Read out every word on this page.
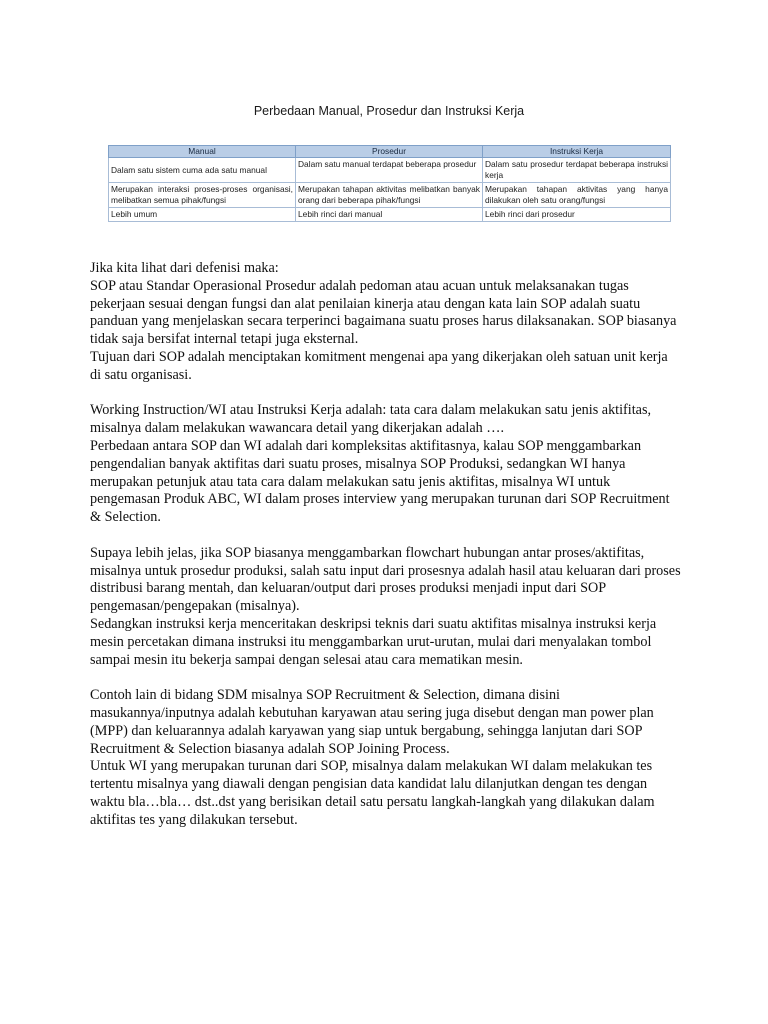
Perbedaan Manual, Prosedur dan Instruksi Kerja
Manual	Prosedur	Instruksi Kerja
Dalam satu sistem cuma ada satu manual	Dalam satu manual terdapat beberapa prosedur	Dalam satu prosedur terdapat beberapa instruksi kerja
Merupakan interaksi proses-proses organisasi, melibatkan semua pihak/fungsi	Merupakan tahapan aktivitas melibatkan banyak orang dari beberapa pihak/fungsi	Merupakan tahapan aktivitas yang hanya dilakukan oleh satu orang/fungsi
Lebih umum	Lebih rinci dari manual	Lebih rinci dari prosedur

Jika kita lihat dari defenisi maka:

SOP atau Standar Operasional Prosedur adalah pedoman atau acuan untuk melaksanakan tugas pekerjaan sesuai dengan fungsi dan alat penilaian kinerja atau dengan kata lain SOP adalah suatu panduan yang menjelaskan secara terperinci bagaimana suatu proses harus dilaksanakan. SOP biasanya tidak saja bersifat internal tetapi juga eksternal.

Tujuan dari SOP adalah menciptakan komitment mengenai apa yang dikerjakan oleh satuan unit kerja di satu organisasi.

Working Instruction/WI atau Instruksi Kerja adalah: tata cara dalam melakukan satu jenis aktifitas, misalnya dalam melakukan wawancara detail yang dikerjakan adalah ….

Perbedaan antara SOP dan WI adalah dari kompleksitas aktifitasnya, kalau SOP menggambarkan pengendalian banyak aktifitas dari suatu proses, misalnya SOP Produksi, sedangkan WI hanya merupakan petunjuk atau tata cara dalam melakukan satu jenis aktifitas, misalnya WI untuk pengemasan Produk ABC, WI dalam proses interview yang merupakan turunan dari SOP Recruitment & Selection.

Supaya lebih jelas, jika SOP biasanya menggambarkan flowchart hubungan antar proses/aktifitas, misalnya untuk prosedur produksi, salah satu input dari prosesnya adalah hasil atau keluaran dari proses distribusi barang mentah, dan keluaran/output dari proses produksi menjadi input dari SOP pengemasan/pengepakan (misalnya).

Sedangkan instruksi kerja menceritakan deskripsi teknis dari suatu aktifitas misalnya instruksi kerja mesin percetakan dimana instruksi itu menggambarkan urut-urutan, mulai dari menyalakan tombol sampai mesin itu bekerja sampai dengan selesai atau cara mematikan mesin.

Contoh lain di bidang SDM misalnya SOP Recruitment & Selection, dimana disini masukannya/inputnya adalah kebutuhan karyawan atau sering juga disebut dengan man power plan (MPP) dan keluarannya adalah karyawan yang siap untuk bergabung, sehingga lanjutan dari SOP Recruitment & Selection biasanya adalah SOP Joining Process.

Untuk WI yang merupakan turunan dari SOP, misalnya dalam melakukan WI dalam melakukan tes tertentu misalnya yang diawali dengan pengisian data kandidat lalu dilanjutkan dengan tes dengan waktu bla…bla… dst..dst yang berisikan detail satu persatu langkah-langkah yang dilakukan dalam aktifitas tes yang dilakukan tersebut.
